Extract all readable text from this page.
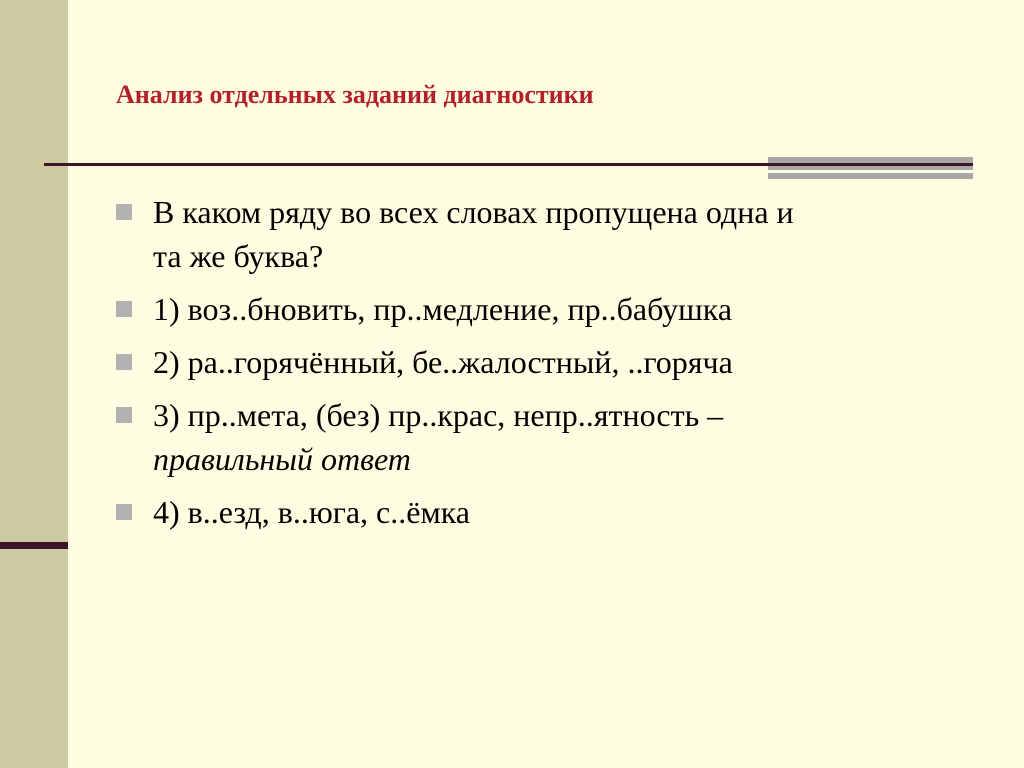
Анализ отдельных заданий диагностики
В каком ряду во всех словах пропущена одна и
та же буква?
1) воз..бновить, пр..медление, пр..бабушка
2) ра..горячённый, бе..жалостный, ..горяча
3) пр..мета, (без) пр..крас, непр..ятность –
правильный ответ
4) в..езд, в..юга, с..ёмка
